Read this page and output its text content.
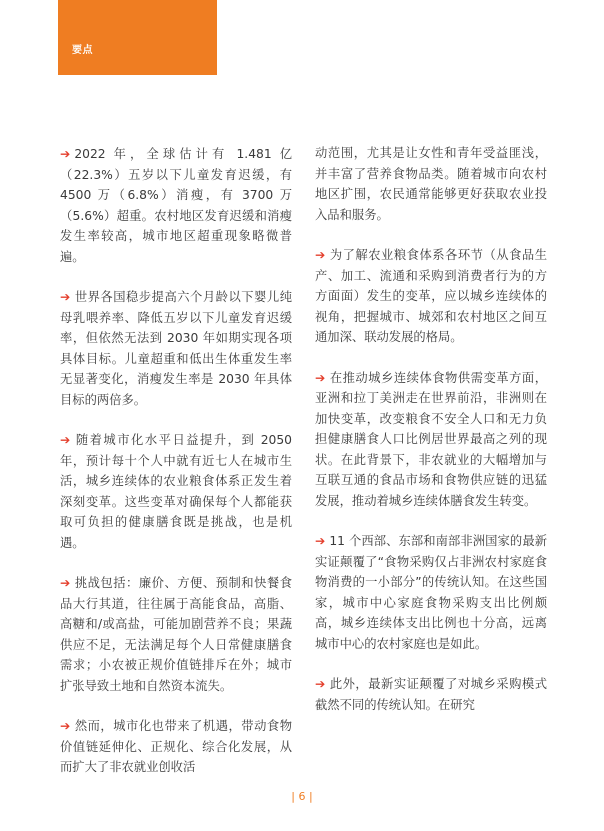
要点

➔ 2022 年，全球估计有 1.481 亿（22.3%）五岁以下儿童发育迟缓，有 4500 万（6.8%）消瘦，有 3700 万（5.6%）超重。农村地区发育迟缓和消瘦发生率较高，城市地区超重现象略微普遍。

➔ 世界各国稳步提高六个月龄以下婴儿纯母乳喂养率、降低五岁以下儿童发育迟缓率，但依然无法到 2030 年如期实现各项具体目标。儿童超重和低出生体重发生率无显著变化，消瘦发生率是 2030 年具体目标的两倍多。

➔ 随着城市化水平日益提升，到 2050 年，预计每十个人中就有近七人在城市生活，城乡连续体的农业粮食体系正发生着深刻变革。这些变革对确保每个人都能获取可负担的健康膳食既是挑战，也是机遇。

➔ 挑战包括：廉价、方便、预制和快餐食品大行其道，往往属于高能食品，高脂、高糖和/或高盐，可能加剧营养不良；果蔬供应不足，无法满足每个人日常健康膳食需求；小农被正规价值链排斥在外；城市扩张导致土地和自然资本流失。

➔ 然而，城市化也带来了机遇，带动食物价值链延伸化、正规化、综合化发展，从而扩大了非农就业创收活

动范围，尤其是让女性和青年受益匪浅，并丰富了营养食物品类。随着城市向农村地区扩围，农民通常能够更好获取农业投入品和服务。

➔ 为了解农业粮食体系各环节（从食品生产、加工、流通和采购到消费者行为的方方面面）发生的变革，应以城乡连续体的视角，把握城市、城郊和农村地区之间互通加深、联动发展的格局。

➔ 在推动城乡连续体食物供需变革方面，亚洲和拉丁美洲走在世界前沿，非洲则在加快变革，改变粮食不安全人口和无力负担健康膳食人口比例居世界最高之列的现状。在此背景下，非农就业的大幅增加与互联互通的食品市场和食物供应链的迅猛发展，推动着城乡连续体膳食发生转变。

➔ 11 个西部、东部和南部非洲国家的最新实证颠覆了“食物采购仅占非洲农村家庭食物消费的一小部分”的传统认知。在这些国家，城市中心家庭食物采购支出比例颇高，城乡连续体支出比例也十分高，远离城市中心的农村家庭也是如此。

➔ 此外，最新实证颠覆了对城乡采购模式截然不同的传统认知。在研究

| 6 |
